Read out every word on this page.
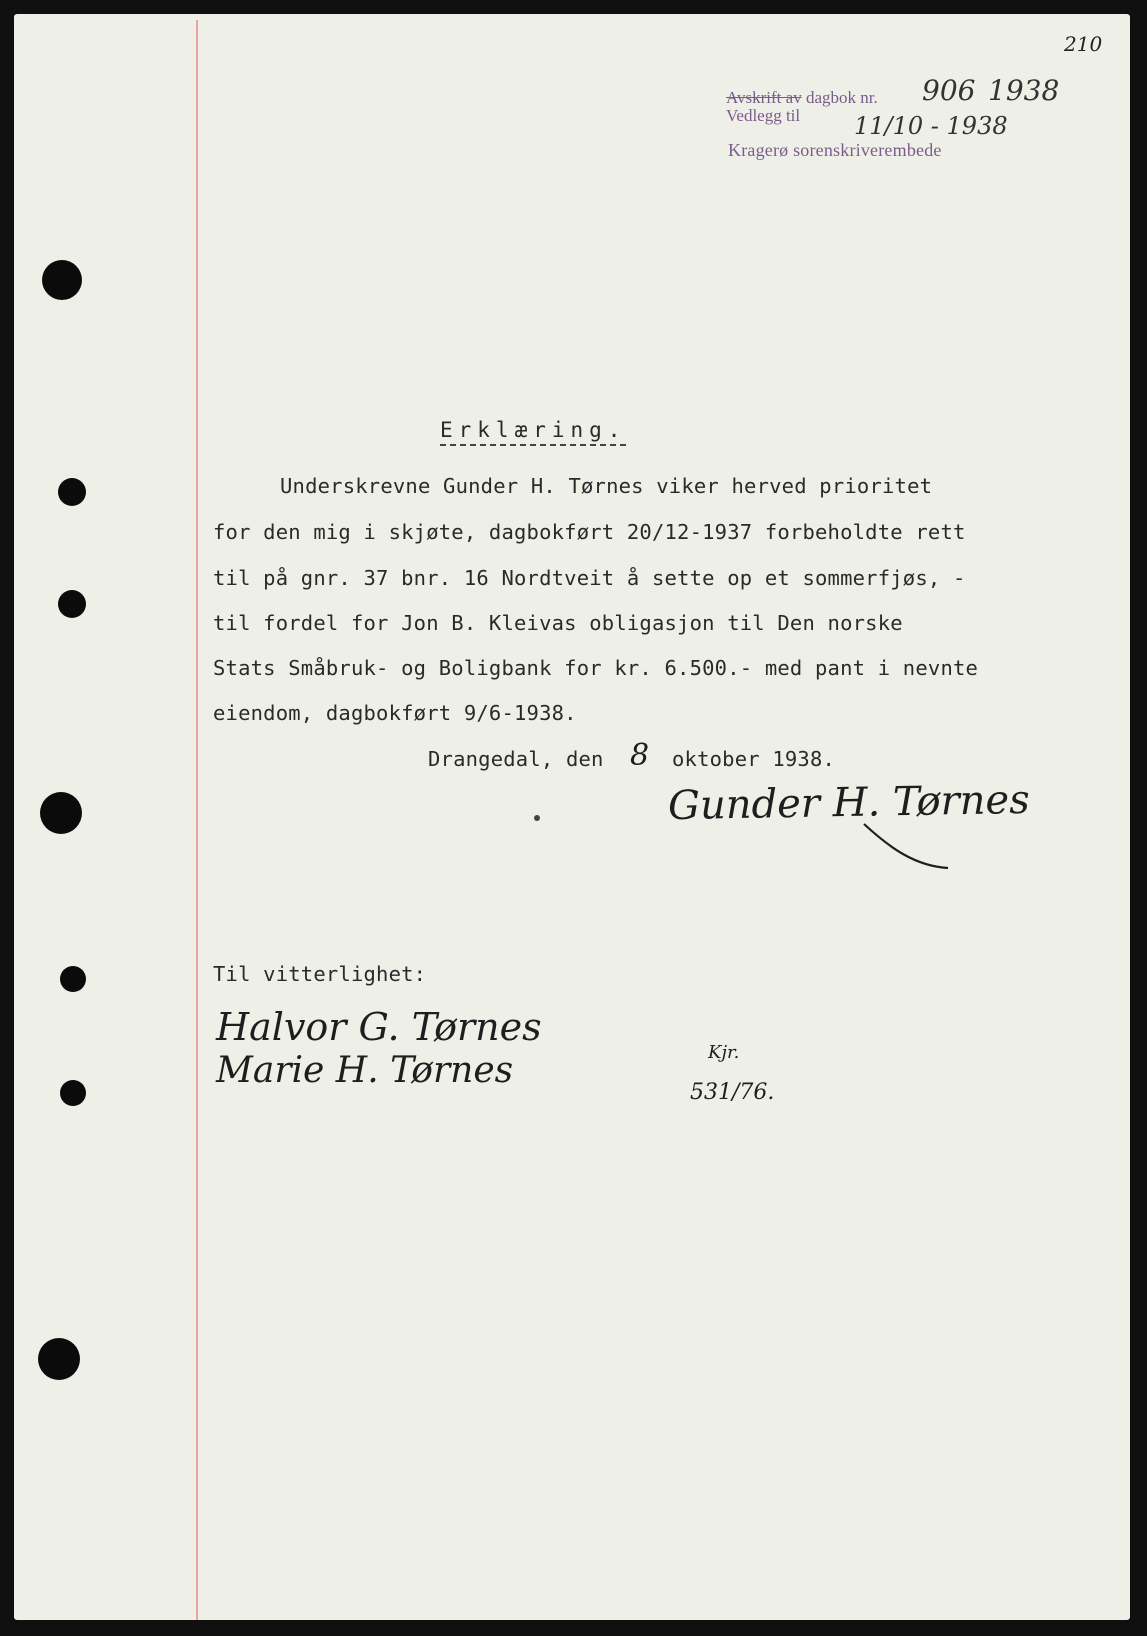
210
Avskrift av dagbok nr.
Vedlegg til
Kragerø sorenskriverembede
906 1938
11/10 - 1938
Erklæring.
Underskrevne Gunder H. Tørnes viker herved prioritet
for den mig i skjøte, dagbokført 20/12-1937 forbeholdte rett
til på gnr. 37 bnr. 16 Nordtveit å sette op et sommerfjøs, -
til fordel for Jon B. Kleivas obligasjon til Den norske
Stats Småbruk- og Boligbank for kr. 6.500.- med pant i nevnte
eiendom, dagbokført 9/6-1938.
Drangedal, den 8 oktober 1938.
Gunder H. Tørnes
Til vitterlighet:
Halvor G. Tørnes
Marie H. Tørnes	Kjr.
531/76.
